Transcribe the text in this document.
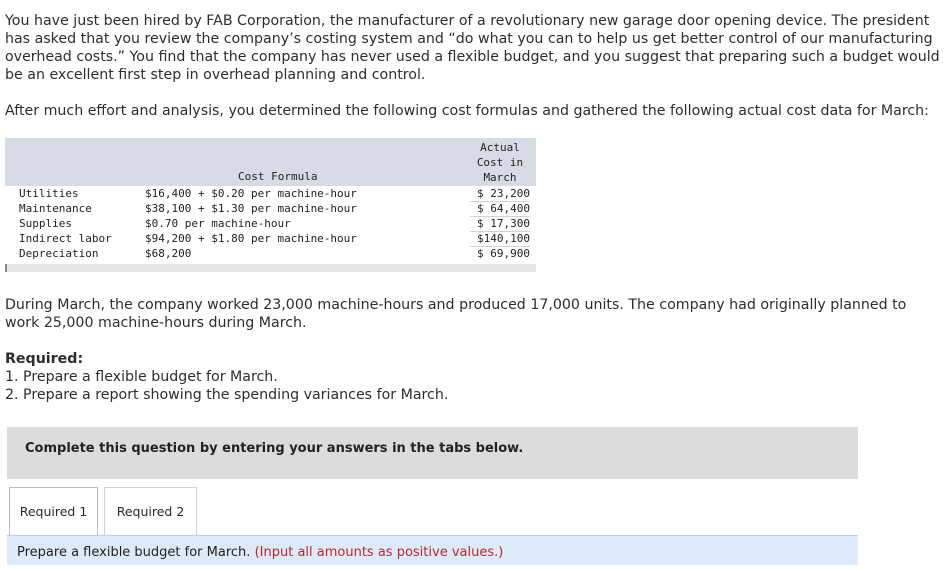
You have just been hired by FAB Corporation, the manufacturer of a revolutionary new garage door opening device. The president has asked that you review the company’s costing system and “do what you can to help us get better control of our manufacturing overhead costs.” You find that the company has never used a flexible budget, and you suggest that preparing such a budget would be an excellent first step in overhead planning and control.

After much effort and analysis, you determined the following cost formulas and gathered the following actual cost data for March:

Cost Formula
Actual
Cost in
March
Utilities	$16,400 + $0.20 per machine-hour	$ 23,200
Maintenance	$38,100 + $1.30 per machine-hour	$ 64,400
Supplies	$0.70 per machine-hour	$ 17,300
Indirect labor	$94,200 + $1.80 per machine-hour	$140,100
Depreciation	$68,200	$ 69,900

During March, the company worked 23,000 machine-hours and produced 17,000 units. The company had originally planned to work 25,000 machine-hours during March.

Required:
1. Prepare a flexible budget for March.
2. Prepare a report showing the spending variances for March.
Complete this question by entering your answers in the tabs below.
Required 1	Required 2
Prepare a flexible budget for March. (Input all amounts as positive values.)
